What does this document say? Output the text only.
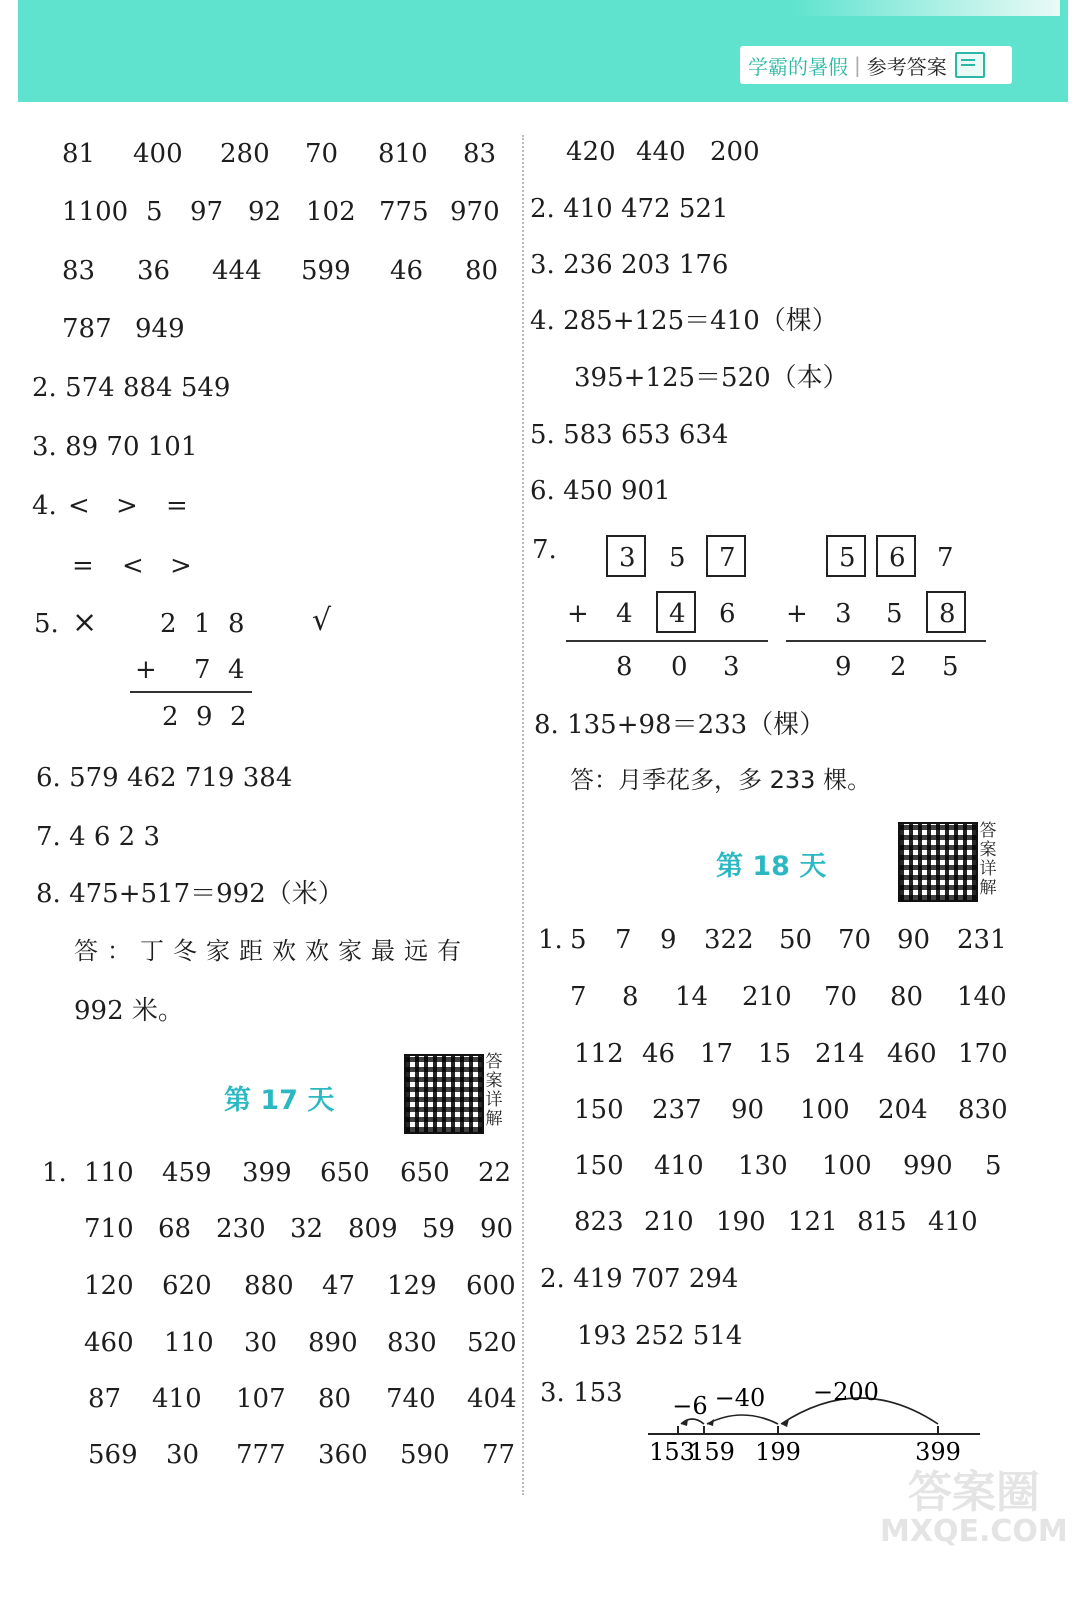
学霸的暑假 | 参考答案
81 400 280 70 810 83
1100 5 97 92 102 775 970
83 36 444 599 46 80
787 949
2. 574 884 549
3. 89 70 101
4. < > =
= < >
5. ×	√
2 1 8
+ 7 4
2 9 2
6. 579 462 719 384
7. 4 6 2 3
8. 475+517＝992（米）
答：丁冬家距欢欢家最远有
992 米。
第 17 天
答案详解
1. 110 459 399 650 650 22
710 68 230 32 809 59 90
120 620 880 47 129 600
460 110 30 890 830 520
87 410 107 80 740 404
569 30 777 360 590 77
420 440 200
2. 410 472 521
3. 236 203 176
4. 285+125＝410（棵）
395+125＝520（本）
5. 583 653 634
6. 450 901
7. 3 5 7
+ 4 4 6
8 0 3
5 6 7
+ 3 5 8
9 2 5
8. 135+98＝233（棵）
答：月季花多，多 233 棵。
第 18 天
答案详解
1. 5 7 9 322 50 70 90 231
7 8 14 210 70 80 140
112 46 17 15 214 460 170
150 237 90 100 204 830
150 410 130 100 990 5
823 210 190 121 815 410
2. 419 707 294
193 252 514
3. 153 −6 −40 −200
153
159 199	399
答案圈
MXQE.COM
